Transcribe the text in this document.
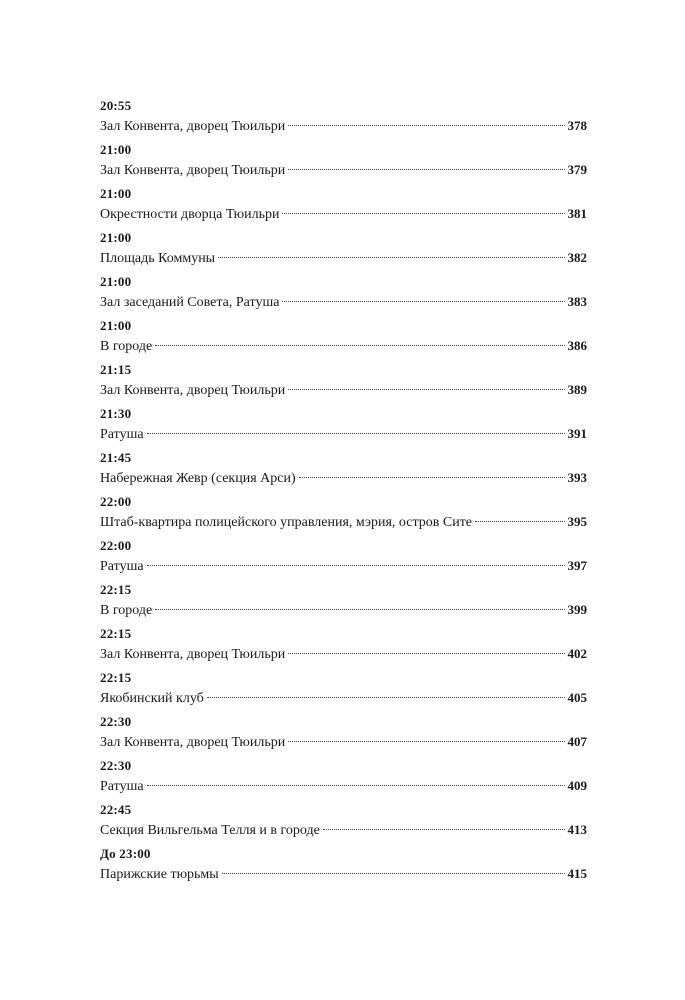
20:55
Зал Конвента, дворец Тюильри	378
21:00
Зал Конвента, дворец Тюильри	379
21:00
Окрестности дворца Тюильри	381
21:00
Площадь Коммуны	382
21:00
Зал заседаний Совета, Ратуша	383
21:00
В городе	386
21:15
Зал Конвента, дворец Тюильри	389
21:30
Ратуша	391
21:45
Набережная Жевр (секция Арси)	393
22:00
Штаб-квартира полицейского управления, мэрия, остров Сите	395
22:00
Ратуша	397
22:15
В городе	399
22:15
Зал Конвента, дворец Тюильри	402
22:15
Якобинский клуб	405
22:30
Зал Конвента, дворец Тюильри	407
22:30
Ратуша	409
22:45
Секция Вильгельма Телля и в городе	413
До 23:00
Парижские тюрьмы	415
